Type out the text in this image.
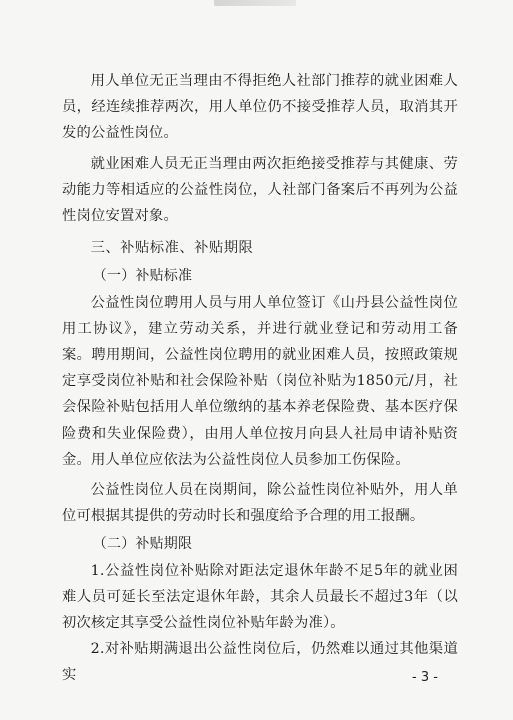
用人单位无正当理由不得拒绝人社部门推荐的就业困难人员，经连续推荐两次，用人单位仍不接受推荐人员，取消其开发的公益性岗位。

就业困难人员无正当理由两次拒绝接受推荐与其健康、劳动能力等相适应的公益性岗位，人社部门备案后不再列为公益性岗位安置对象。

三、补贴标准、补贴期限

（一）补贴标准

公益性岗位聘用人员与用人单位签订《山丹县公益性岗位用工协议》，建立劳动关系，并进行就业登记和劳动用工备案。聘用期间，公益性岗位聘用的就业困难人员，按照政策规定享受岗位补贴和社会保险补贴（岗位补贴为1850元/月，社会保险补贴包括用人单位缴纳的基本养老保险费、基本医疗保险费和失业保险费），由用人单位按月向县人社局申请补贴资金。用人单位应依法为公益性岗位人员参加工伤保险。

公益性岗位人员在岗期间，除公益性岗位补贴外，用人单位可根据其提供的劳动时长和强度给予合理的用工报酬。

（二）补贴期限

1.公益性岗位补贴除对距法定退休年龄不足5年的就业困难人员可延长至法定退休年龄，其余人员最长不超过3年（以初次核定其享受公益性岗位补贴年龄为准）。

2.对补贴期满退出公益性岗位后，仍然难以通过其他渠道实	- 3 -
